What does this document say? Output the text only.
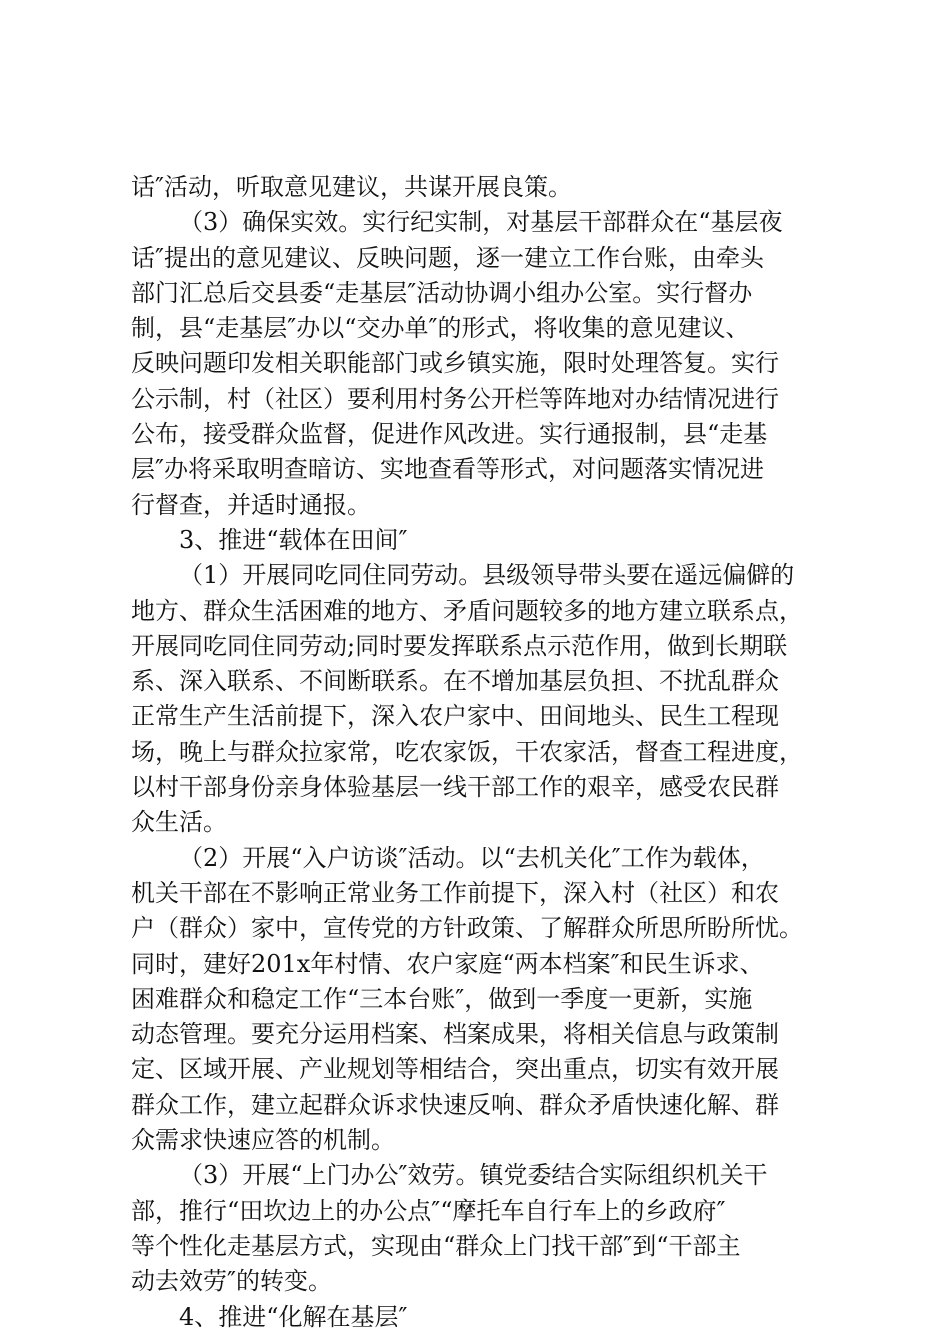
话″活动，听取意见建议，共谋开展良策。
（3）确保实效。实行纪实制，对基层干部群众在“基层夜
话″提出的意见建议、反映问题，逐一建立工作台账，由牵头
部门汇总后交县委“走基层″活动协调小组办公室。实行督办
制，县“走基层″办以“交办单″的形式，将收集的意见建议、
反映问题印发相关职能部门或乡镇实施，限时处理答复。实行
公示制，村（社区）要利用村务公开栏等阵地对办结情况进行
公布，接受群众监督，促进作风改进。实行通报制，县“走基
层″办将采取明查暗访、实地查看等形式，对问题落实情况进
行督查，并适时通报。
3、推进“载体在田间″
（1）开展同吃同住同劳动。县级领导带头要在遥远偏僻的
地方、群众生活困难的地方、矛盾问题较多的地方建立联系点，
开展同吃同住同劳动;同时要发挥联系点示范作用，做到长期联
系、深入联系、不间断联系。在不增加基层负担、不扰乱群众
正常生产生活前提下，深入农户家中、田间地头、民生工程现
场，晚上与群众拉家常，吃农家饭，干农家活，督查工程进度，
以村干部身份亲身体验基层一线干部工作的艰辛，感受农民群
众生活。
（2）开展“入户访谈″活动。以“去机关化″工作为载体，
机关干部在不影响正常业务工作前提下，深入村（社区）和农
户（群众）家中，宣传党的方针政策、了解群众所思所盼所忧。
同时，建好201x年村情、农户家庭“两本档案″和民生诉求、
困难群众和稳定工作“三本台账″，做到一季度一更新，实施
动态管理。要充分运用档案、档案成果，将相关信息与政策制
定、区域开展、产业规划等相结合，突出重点，切实有效开展
群众工作，建立起群众诉求快速反响、群众矛盾快速化解、群
众需求快速应答的机制。
（3）开展“上门办公″效劳。镇党委结合实际组织机关干
部，推行“田坎边上的办公点″“摩托车自行车上的乡政府″
等个性化走基层方式，实现由“群众上门找干部″到“干部主
动去效劳″的转变。
4、推进“化解在基层″
